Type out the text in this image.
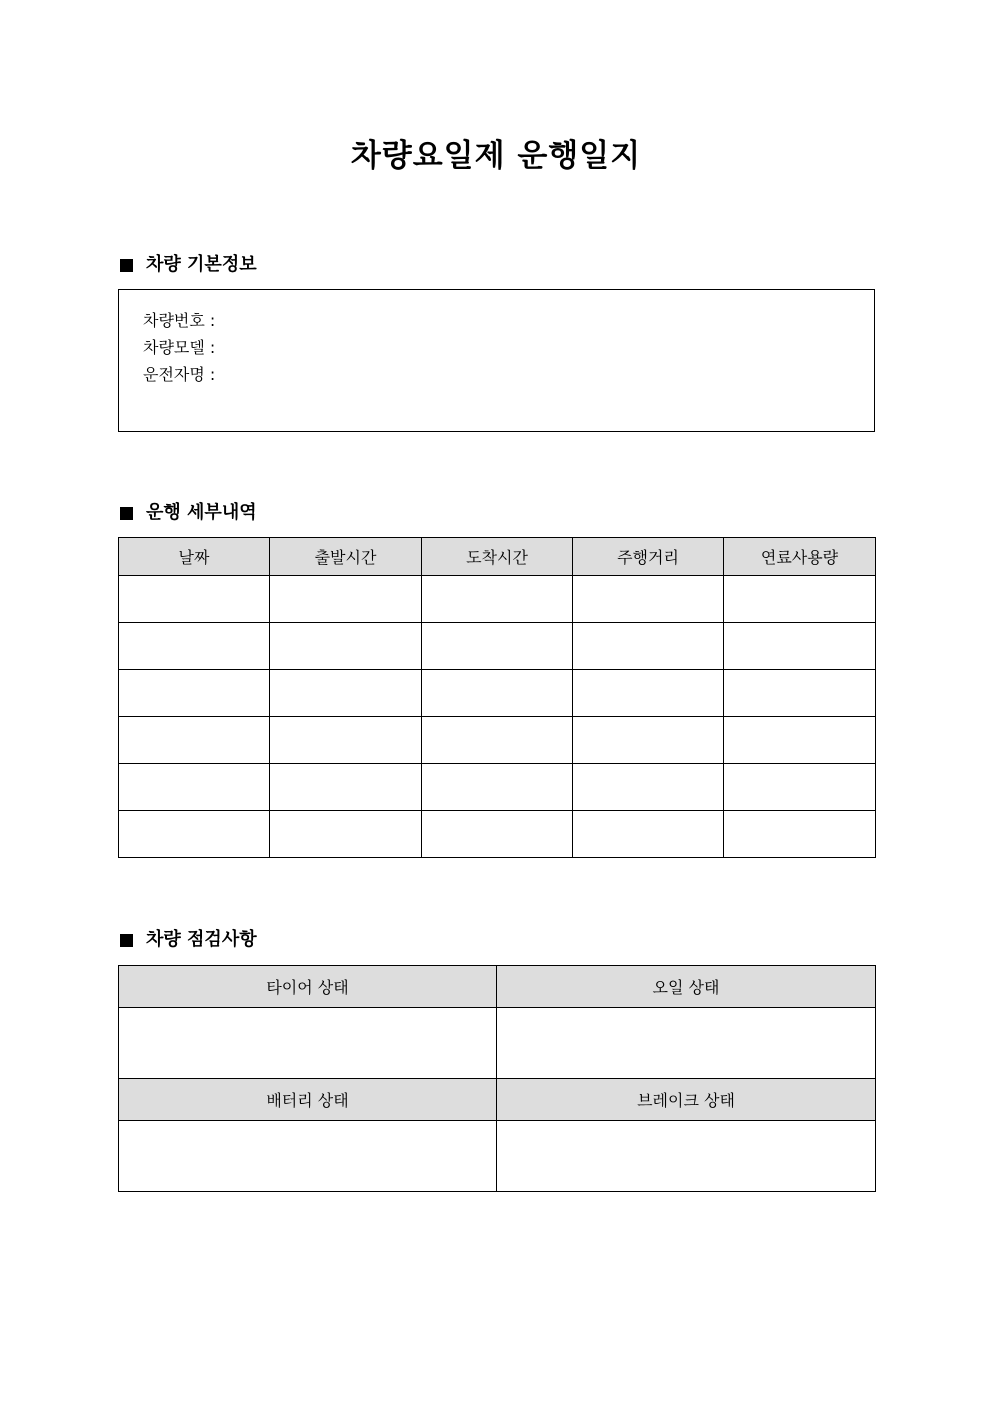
차량요일제 운행일지
차량 기본정보
차량번호 :
차량모델 :
운전자명 :
운행 세부내역
날짜	출발시간	도착시간	주행거리	연료사용량

차량 점검사항
타이어 상태	오일 상태

배터리 상태	브레이크 상태
